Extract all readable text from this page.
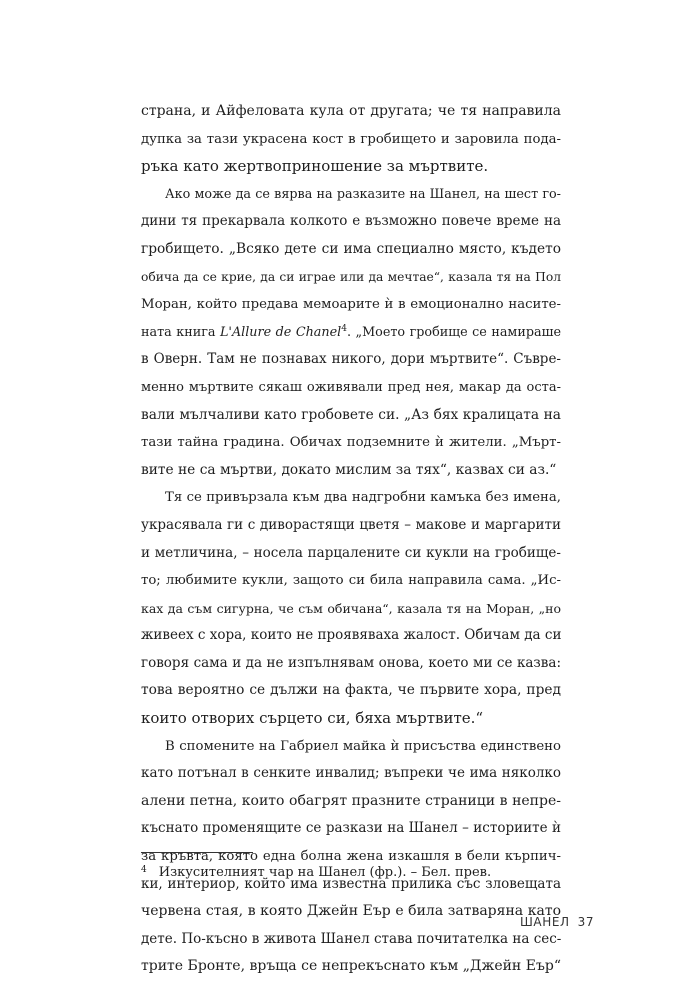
страна, и Айфеловата кула от другата; че тя направила
дупка за тази украсена кост в гробището и заровила пода-
ръка като жертвоприношение за мъртвите.
Ако може да се вярва на разказите на Шанел, на шест го-
дини тя прекарвала колкото е възможно повече време на
гробището. „Всяко дете си има специално място, където
обича да се крие, да си играе или да мечтае“, казала тя на Пол
Моран, който предава мемоарите ѝ в емоционално насите-
ната книга L'Allure de Chanel$^4$. „Моето гробище се намираше
в Оверн. Там не познавах никого, дори мъртвите“. Съвре-
менно мъртвите сякаш оживявали пред нея, макар да оста-
вали мълчаливи като гробовете си. „Аз бях кралицата на
тази тайна градина. Обичах подземните ѝ жители. „Мърт-
вите не са мъртви, докато мислим за тях“, казвах си аз.“
Тя се привързала към два надгробни камъка без имена,
украсявала ги с диворастящи цветя – макове и маргарити
и метличина, – носела парцалените си кукли на гробище-
то; любимите кукли, защото си била направила сама. „Ис-
ках да съм сигурна, че съм обичана“, казала тя на Моран, „но
живеех с хора, които не проявяваха жалост. Обичам да си
говоря сама и да не изпълнявам онова, което ми се казва:
това вероятно се дължи на факта, че първите хора, пред
които отворих сърцето си, бяха мъртвите.“
В спомените на Габриел майка ѝ присъства единствено
като потънал в сенките инвалид; въпреки че има няколко
алени петна, които обагрят празните страници в непре-
къснато променящите се разкази на Шанел – историите ѝ
за кръвта, която една болна жена изкашля в бели кърпич-
ки, интериор, който има известна прилика със зловещата
червена стая, в която Джейн Еър е била затваряна като
дете. По-късно в живота Шанел става почитателка на сес-
трите Бронте, връща се непрекъснато към „Джейн Еър“
$^4$ Изкусителният чар на Шанел (фр.). – Бел. прев.
ШАНЕЛ 37
